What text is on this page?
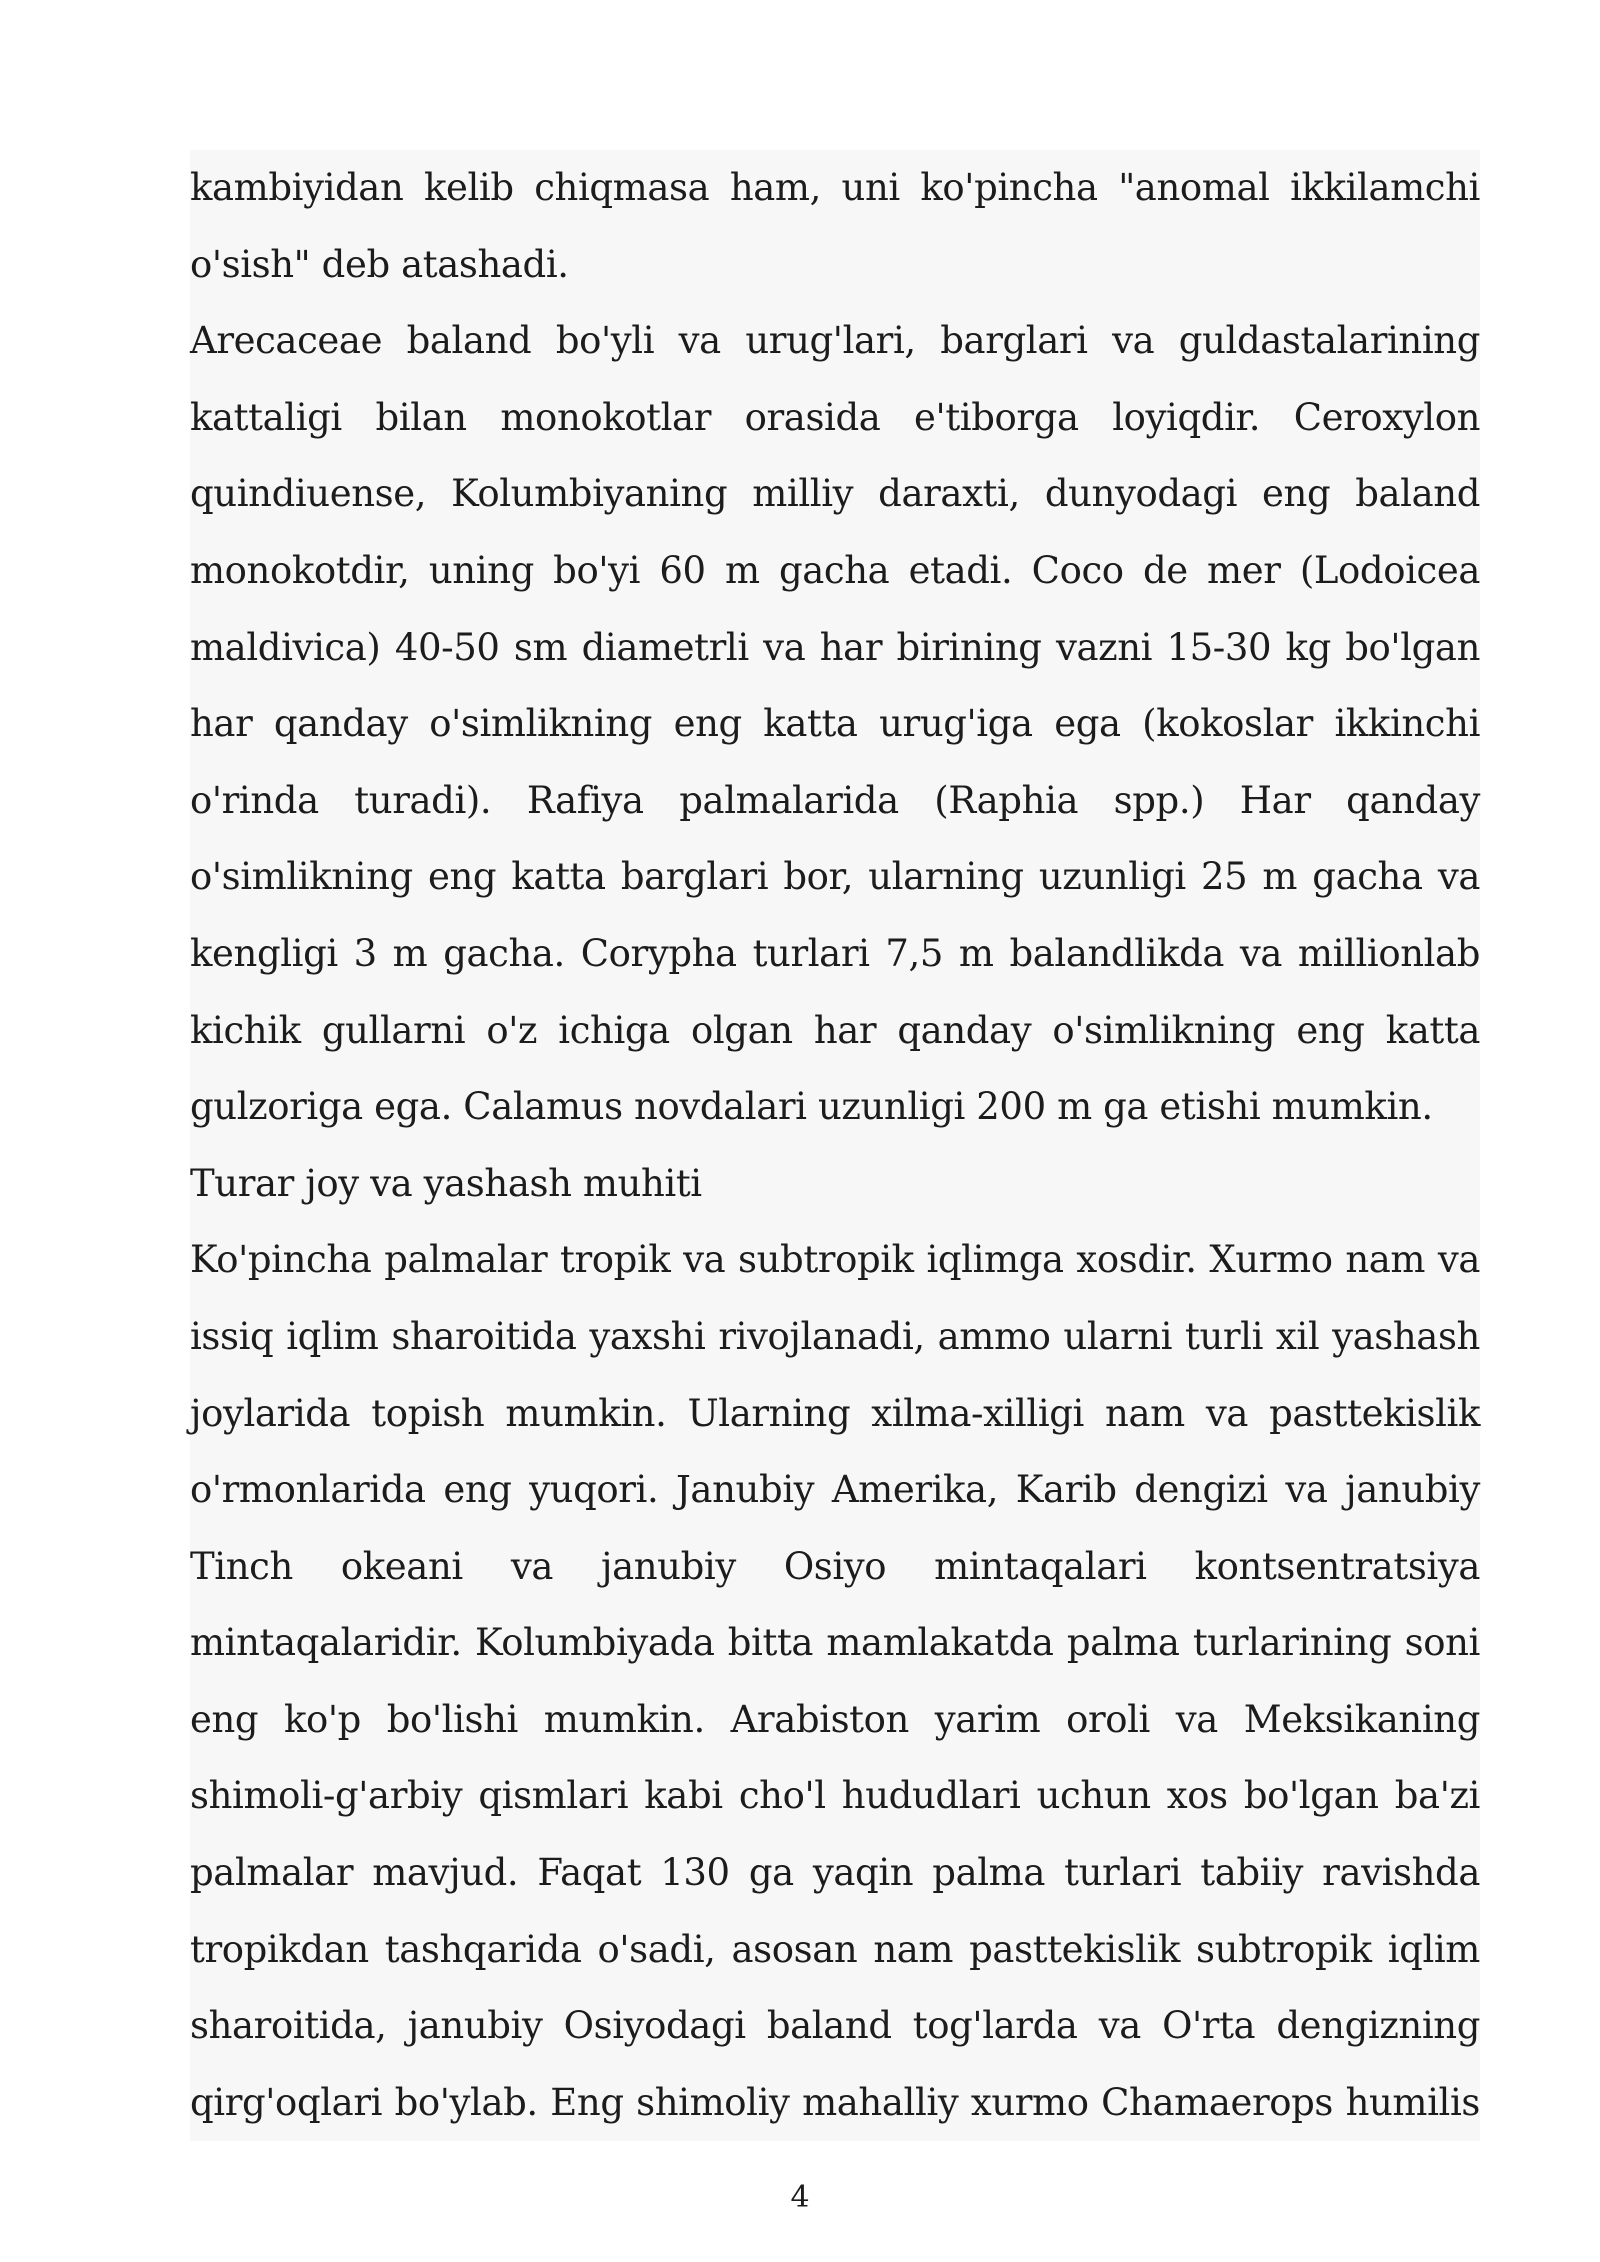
kambiyidan kelib chiqmasa ham, uni ko'pincha "anomal ikkilamchi o'sish" deb atashadi.

Arecaceae baland bo'yli va urug'lari, barglari va guldastalarining kattaligi bilan monokotlar orasida e'tiborga loyiqdir. Ceroxylon quindiuense, Kolumbiyaning milliy daraxti, dunyodagi eng baland monokotdir, uning bo'yi 60 m gacha etadi. Coco de mer (Lodoicea maldivica) 40-50 sm diametrli va har birining vazni 15-30 kg bo'lgan har qanday o'simlikning eng katta urug'iga ega (kokoslar ikkinchi o'rinda turadi). Rafiya palmalarida (Raphia spp.) Har qanday o'simlikning eng katta barglari bor, ularning uzunligi 25 m gacha va kengligi 3 m gacha. Corypha turlari 7,5 m balandlikda va millionlab kichik gullarni o'z ichiga olgan har qanday o'simlikning eng katta gulzoriga ega. Calamus novdalari uzunligi 200 m ga etishi mumkin.

Turar joy va yashash muhiti

Ko'pincha palmalar tropik va subtropik iqlimga xosdir. Xurmo nam va issiq iqlim sharoitida yaxshi rivojlanadi, ammo ularni turli xil yashash joylarida topish mumkin. Ularning xilma-xilligi nam va pasttekislik o'rmonlarida eng yuqori. Janubiy Amerika, Karib dengizi va janubiy Tinch okeani va janubiy Osiyo mintaqalari kontsentratsiya mintaqalaridir. Kolumbiyada bitta mamlakatda palma turlarining soni eng ko'p bo'lishi mumkin. Arabiston yarim oroli va Meksikaning shimoli-g'arbiy qismlari kabi cho'l hududlari uchun xos bo'lgan ba'zi palmalar mavjud. Faqat 130 ga yaqin palma turlari tabiiy ravishda tropikdan tashqarida o'sadi, asosan nam pasttekislik subtropik iqlim sharoitida, janubiy Osiyodagi baland tog'larda va O'rta dengizning qirg'oqlari bo'ylab. Eng shimoliy mahalliy xurmo Chamaerops humilis

4
